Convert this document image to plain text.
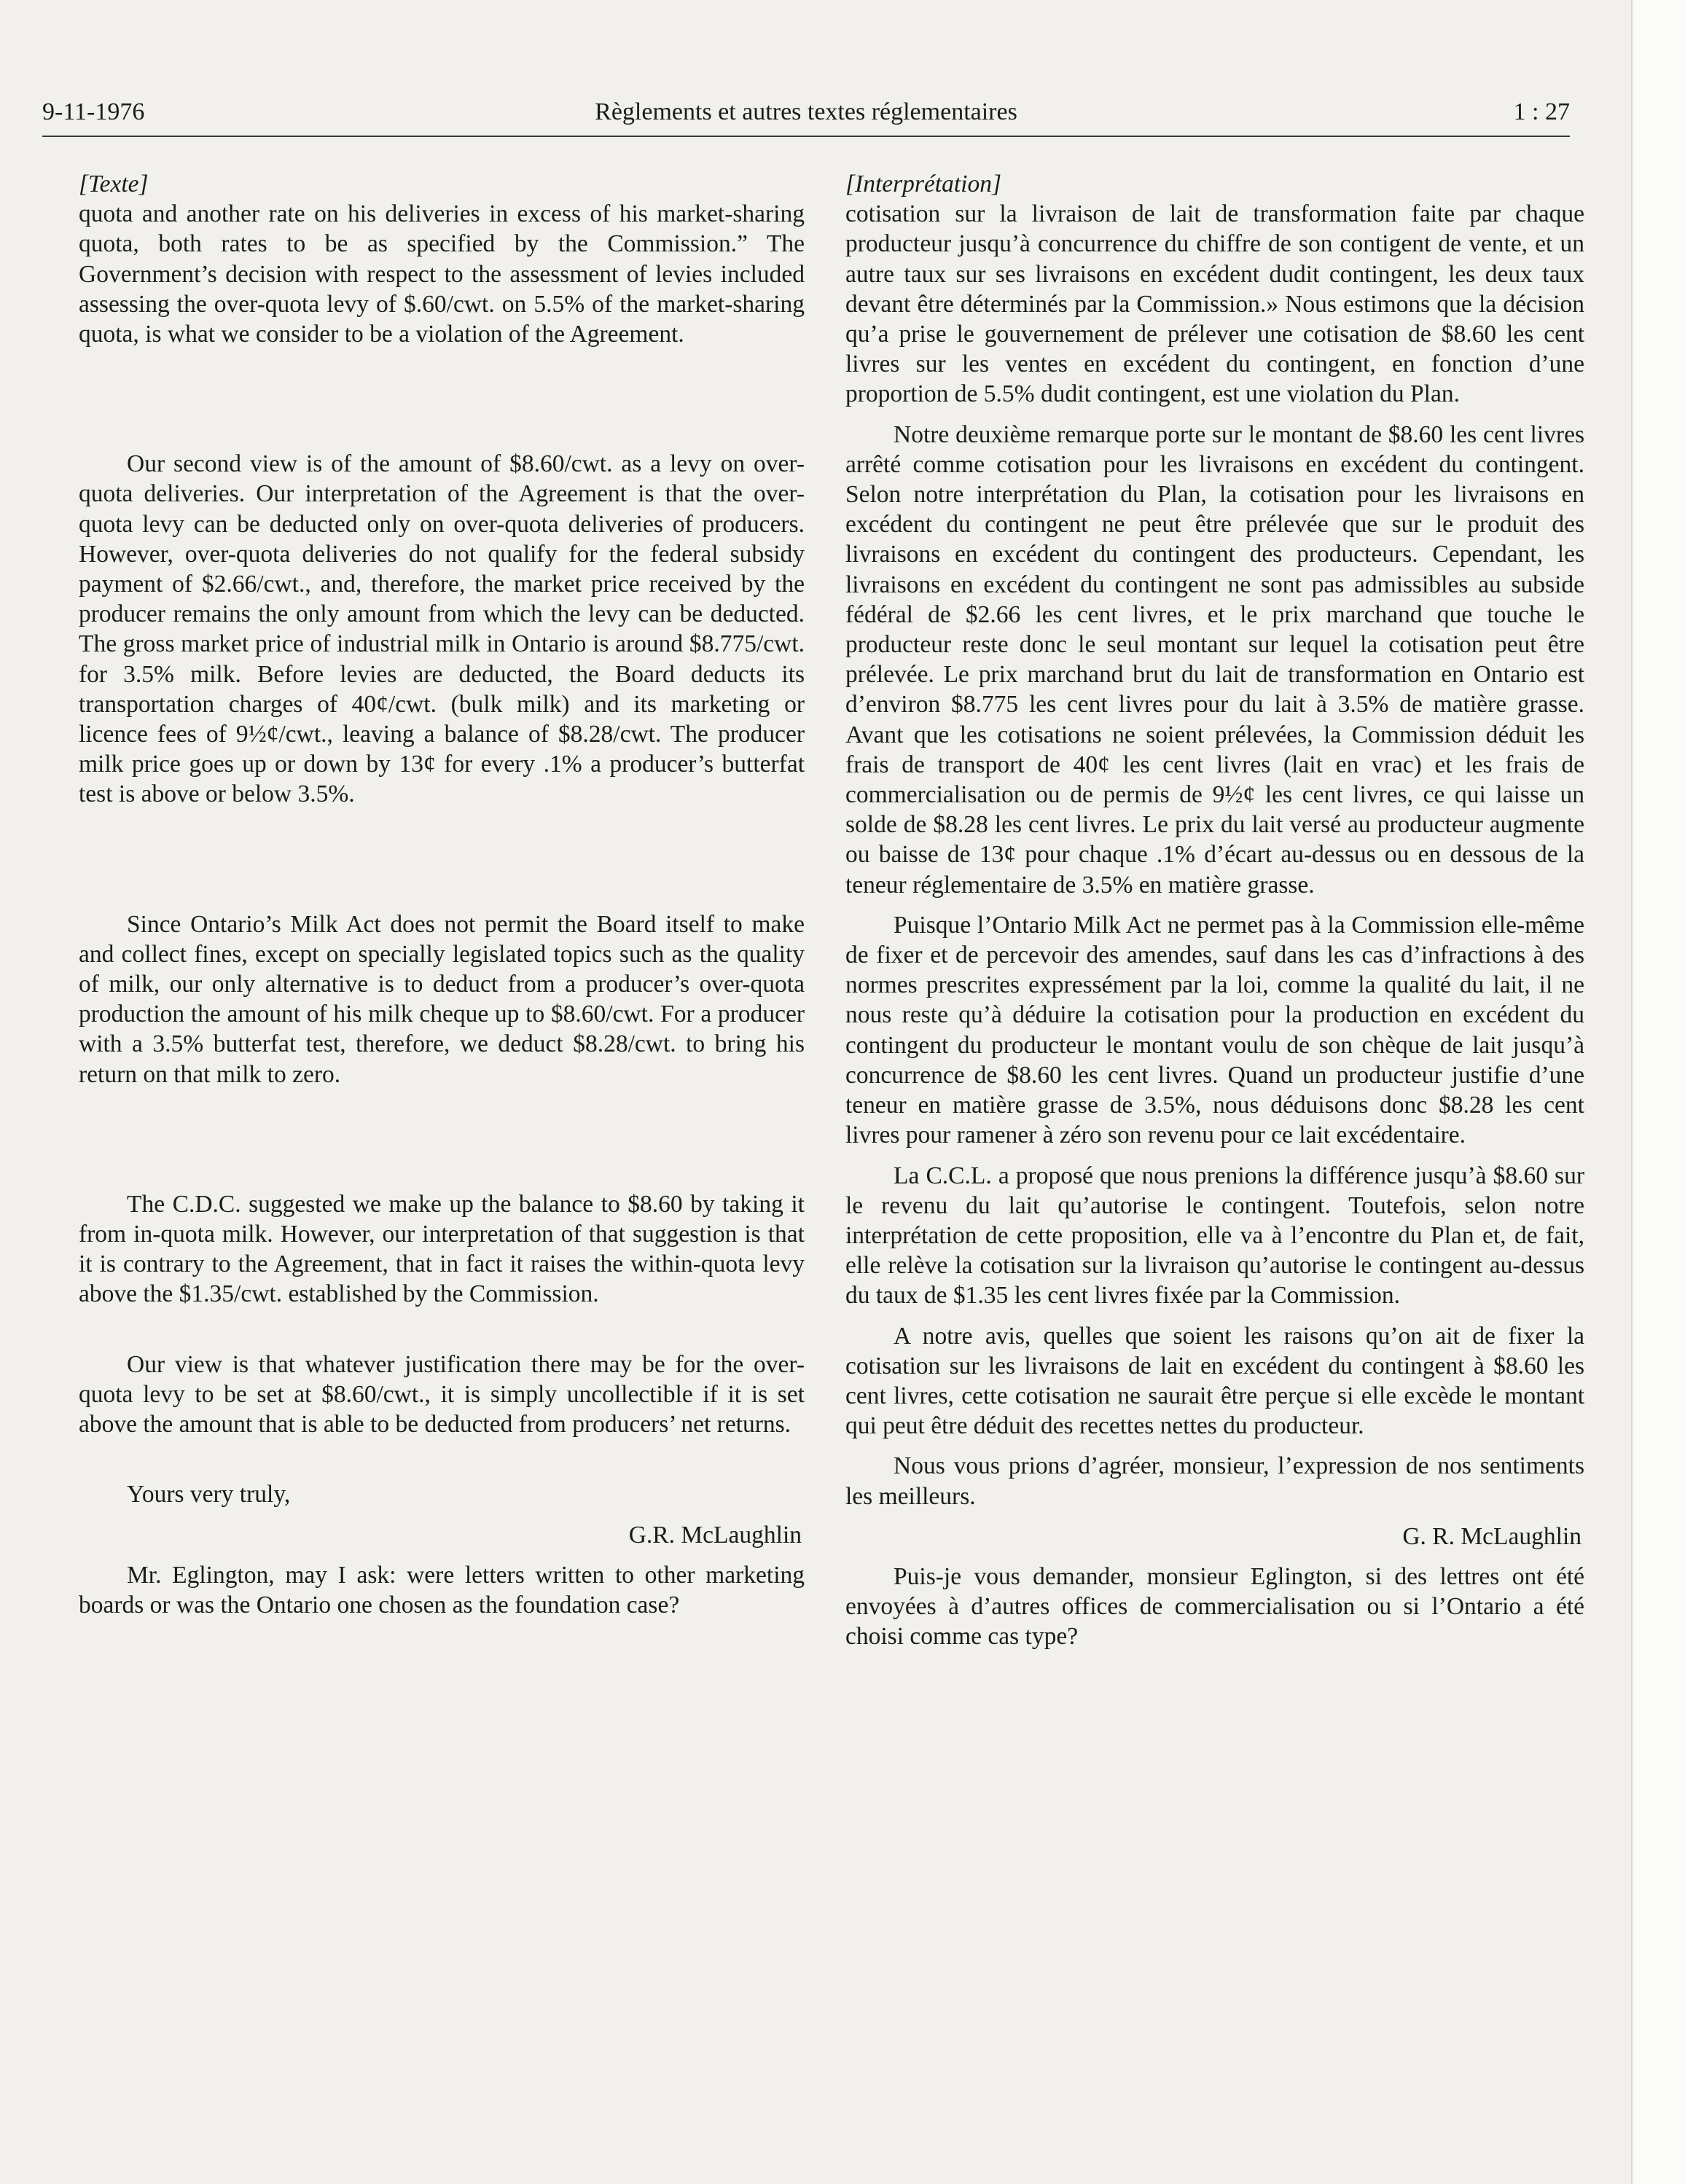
9-11-1976	Règlements et autres textes réglementaires	1 : 27

[Texte]

quota and another rate on his deliveries in excess of his market-sharing quota, both rates to be as specified by the Commission.” The Government’s decision with respect to the assessment of levies included assessing the over-quota levy of $.60/cwt. on 5.5% of the market-sharing quota, is what we consider to be a violation of the Agreement.

Our second view is of the amount of $8.60/cwt. as a levy on over-quota deliveries. Our interpretation of the Agreement is that the over-quota levy can be deducted only on over-quota deliveries of producers. However, over-quota deliveries do not qualify for the federal subsidy payment of $2.66/cwt., and, therefore, the market price received by the producer remains the only amount from which the levy can be deducted. The gross market price of industrial milk in Ontario is around $8.775/cwt. for 3.5% milk. Before levies are deducted, the Board deducts its transportation charges of 40¢/cwt. (bulk milk) and its marketing or licence fees of 9½¢/cwt., leaving a balance of $8.28/cwt. The producer milk price goes up or down by 13¢ for every .1% a producer’s butterfat test is above or below 3.5%.

Since Ontario’s Milk Act does not permit the Board itself to make and collect fines, except on specially legislated topics such as the quality of milk, our only alternative is to deduct from a producer’s over-quota production the amount of his milk cheque up to $8.60/cwt. For a producer with a 3.5% butterfat test, therefore, we deduct $8.28/cwt. to bring his return on that milk to zero.

The C.D.C. suggested we make up the balance to $8.60 by taking it from in-quota milk. However, our interpretation of that suggestion is that it is contrary to the Agreement, that in fact it raises the within-quota levy above the $1.35/cwt. established by the Commission.

Our view is that whatever justification there may be for the over-quota levy to be set at $8.60/cwt., it is simply uncollectible if it is set above the amount that is able to be deducted from producers’ net returns.

Yours very truly,

G.R. McLaughlin

Mr. Eglington, may I ask: were letters written to other marketing boards or was the Ontario one chosen as the foundation case?

[Interprétation]

cotisation sur la livraison de lait de transformation faite par chaque producteur jusqu’à concurrence du chiffre de son contigent de vente, et un autre taux sur ses livraisons en excédent dudit contingent, les deux taux devant être déterminés par la Commission.» Nous estimons que la décision qu’a prise le gouvernement de prélever une cotisation de $8.60 les cent livres sur les ventes en excédent du contingent, en fonction d’une proportion de 5.5% dudit contingent, est une violation du Plan.

Notre deuxième remarque porte sur le montant de $8.60 les cent livres arrêté comme cotisation pour les livraisons en excédent du contingent. Selon notre interprétation du Plan, la cotisation pour les livraisons en excédent du contingent ne peut être prélevée que sur le produit des livraisons en excédent du contingent des producteurs. Cependant, les livraisons en excédent du contingent ne sont pas admissibles au subside fédéral de $2.66 les cent livres, et le prix marchand que touche le producteur reste donc le seul montant sur lequel la cotisation peut être prélevée. Le prix marchand brut du lait de transformation en Ontario est d’environ $8.775 les cent livres pour du lait à 3.5% de matière grasse. Avant que les cotisations ne soient prélevées, la Commission déduit les frais de transport de 40¢ les cent livres (lait en vrac) et les frais de commercialisation ou de permis de 9½¢ les cent livres, ce qui laisse un solde de $8.28 les cent livres. Le prix du lait versé au producteur augmente ou baisse de 13¢ pour chaque .1% d’écart au-dessus ou en dessous de la teneur réglementaire de 3.5% en matière grasse.

Puisque l’Ontario Milk Act ne permet pas à la Commission elle-même de fixer et de percevoir des amendes, sauf dans les cas d’infractions à des normes prescrites expressément par la loi, comme la qualité du lait, il ne nous reste qu’à déduire la cotisation pour la production en excédent du contingent du producteur le montant voulu de son chèque de lait jusqu’à concurrence de $8.60 les cent livres. Quand un producteur justifie d’une teneur en matière grasse de 3.5%, nous déduisons donc $8.28 les cent livres pour ramener à zéro son revenu pour ce lait excédentaire.

La C.C.L. a proposé que nous prenions la différence jusqu’à $8.60 sur le revenu du lait qu’autorise le contingent. Toutefois, selon notre interprétation de cette proposition, elle va à l’encontre du Plan et, de fait, elle relève la cotisation sur la livraison qu’autorise le contingent au-dessus du taux de $1.35 les cent livres fixée par la Commission.

A notre avis, quelles que soient les raisons qu’on ait de fixer la cotisation sur les livraisons de lait en excédent du contingent à $8.60 les cent livres, cette cotisation ne saurait être perçue si elle excède le montant qui peut être déduit des recettes nettes du producteur.

Nous vous prions d’agréer, monsieur, l’expression de nos sentiments les meilleurs.

G. R. McLaughlin

Puis-je vous demander, monsieur Eglington, si des lettres ont été envoyées à d’autres offices de commercialisation ou si l’Ontario a été choisi comme cas type?
